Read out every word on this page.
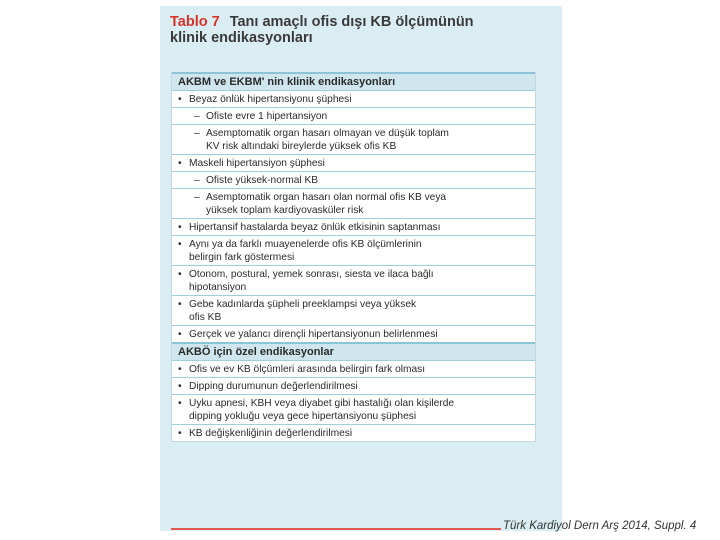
Tablo 7 Tanı amaçlı ofis dışı KB ölçümünün
klinik endikasyonları
AKBM ve EKBM' nin klinik endikasyonları
• Beyaz önlük hipertansiyonu şüphesi
– Ofiste evre 1 hipertansiyon
– Asemptomatik organ hasarı olmayan ve düşük toplam
KV risk altındaki bireylerde yüksek ofis KB
• Maskeli hipertansiyon şüphesi
– Ofiste yüksek-normal KB
– Asemptomatik organ hasarı olan normal ofis KB veya
yüksek toplam kardiyovasküler risk
• Hipertansif hastalarda beyaz önlük etkisinin saptanması
• Aynı ya da farklı muayenelerde ofis KB ölçümlerinin
belirgin fark göstermesi
• Otonom, postural, yemek sonrası, siesta ve ilaca bağlı
hipotansiyon
• Gebe kadınlarda şüpheli preeklampsi veya yüksek
ofis KB
• Gerçek ve yalancı dirençli hipertansiyonun belirlenmesi
AKBÖ için özel endikasyonlar
• Ofis ve ev KB ölçümleri arasında belirgin fark olması
• Dipping durumunun değerlendirilmesi
• Uyku apnesi, KBH veya diyabet gibi hastalığı olan kişilerde
dipping yokluğu veya gece hipertansiyonu şüphesi
• KB değişkenliğinin değerlendirilmesi
Türk Kardiyol Dern Arş 2014, Suppl. 4
